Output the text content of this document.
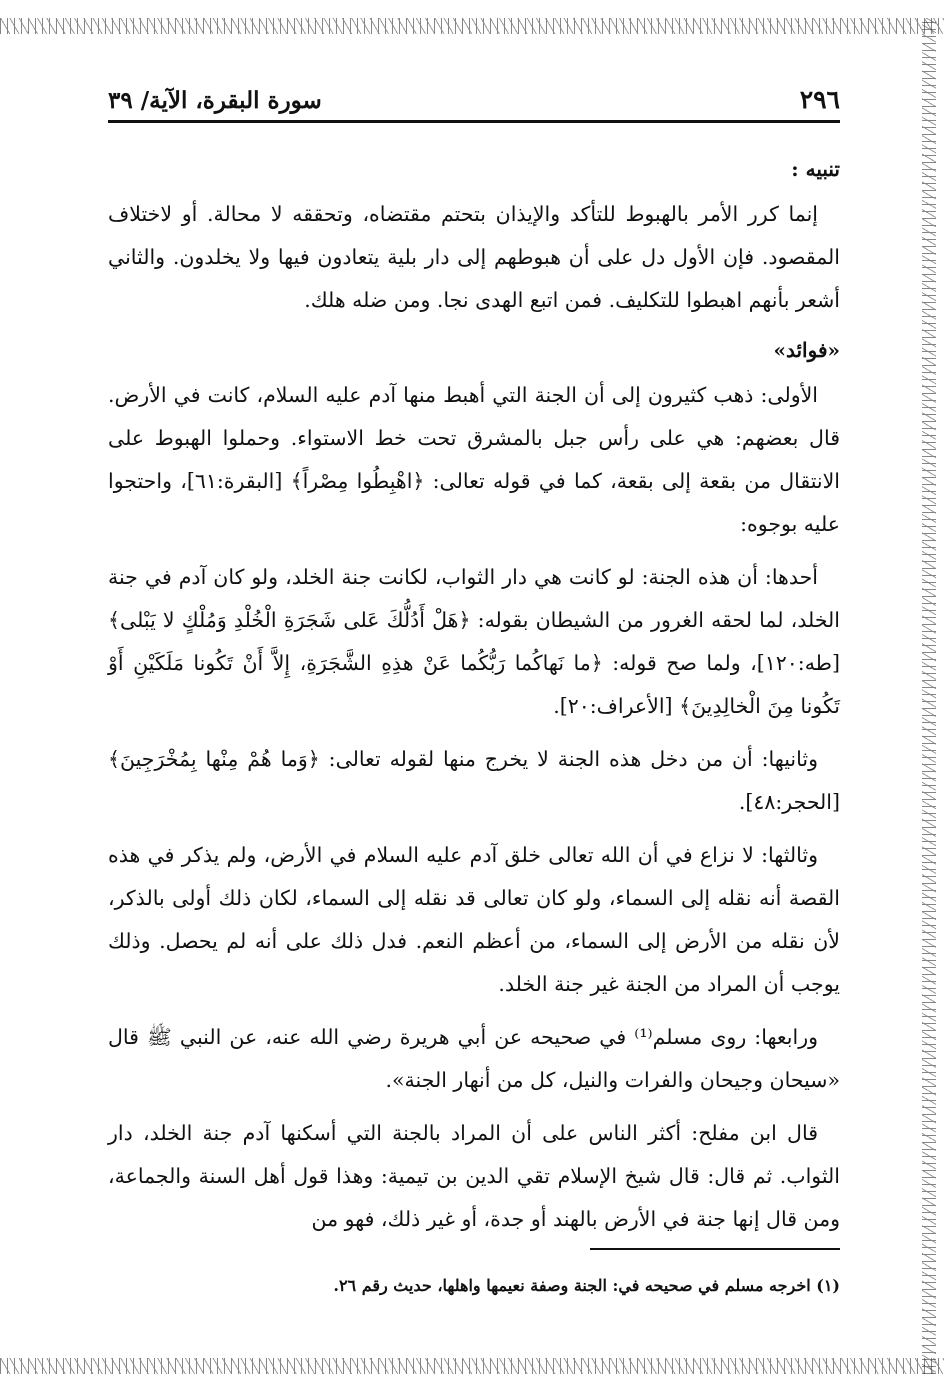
٢٩٦
سورة البقرة، الآية/ ٣٩
تنبيه :

إنما كرر الأمر بالهبوط للتأكد والإيذان بتحتم مقتضاه، وتحققه لا محالة. أو لاختلاف المقصود. فإن الأول دل على أن هبوطهم إلى دار بلية يتعادون فيها ولا يخلدون. والثاني أشعر بأنهم اهبطوا للتكليف. فمن اتبع الهدى نجا. ومن ضله هلك.

«فوائد»

الأولى: ذهب كثيرون إلى أن الجنة التي أهبط منها آدم عليه السلام، كانت في الأرض. قال بعضهم: هي على رأس جبل بالمشرق تحت خط الاستواء. وحملوا الهبوط على الانتقال من بقعة إلى بقعة، كما في قوله تعالى: ﴿اهْبِطُوا مِصْراً﴾ [البقرة:٦١]، واحتجوا عليه بوجوه:

أحدها: أن هذه الجنة: لو كانت هي دار الثواب، لكانت جنة الخلد، ولو كان آدم في جنة الخلد، لما لحقه الغرور من الشيطان بقوله: ﴿هَلْ أَدُلُّكَ عَلى شَجَرَةِ الْخُلْدِ وَمُلْكٍ لا يَبْلى﴾ [طه:١٢٠]، ولما صح قوله: ﴿ما نَهاكُما رَبُّكُما عَنْ هذِهِ الشَّجَرَةِ، إِلاَّ أَنْ تَكُونا مَلَكَيْنِ أَوْ تَكُونا مِنَ الْخالِدِينَ﴾ [الأعراف:٢٠].

وثانيها: أن من دخل هذه الجنة لا يخرج منها لقوله تعالى: ﴿وَما هُمْ مِنْها بِمُخْرَجِينَ﴾ [الحجر:٤٨].

وثالثها: لا نزاع في أن الله تعالى خلق آدم عليه السلام في الأرض، ولم يذكر في هذه القصة أنه نقله إلى السماء، ولو كان تعالى قد نقله إلى السماء، لكان ذلك أولى بالذكر، لأن نقله من الأرض إلى السماء، من أعظم النعم. فدل ذلك على أنه لم يحصل. وذلك يوجب أن المراد من الجنة غير جنة الخلد.

ورابعها: روى مسلم⁽¹⁾ في صحيحه عن أبي هريرة رضي الله عنه، عن النبي ﷺ قال «سيحان وجيحان والفرات والنيل، كل من أنهار الجنة».

قال ابن مفلح: أكثر الناس على أن المراد بالجنة التي أسكنها آدم جنة الخلد، دار الثواب. ثم قال: قال شيخ الإسلام تقي الدين بن تيمية: وهذا قول أهل السنة والجماعة، ومن قال إنها جنة في الأرض بالهند أو جدة، أو غير ذلك، فهو من

(١) اخرجه مسلم في صحيحه في: الجنة وصفة نعيمها واهلها، حديث رقم ٢٦.
